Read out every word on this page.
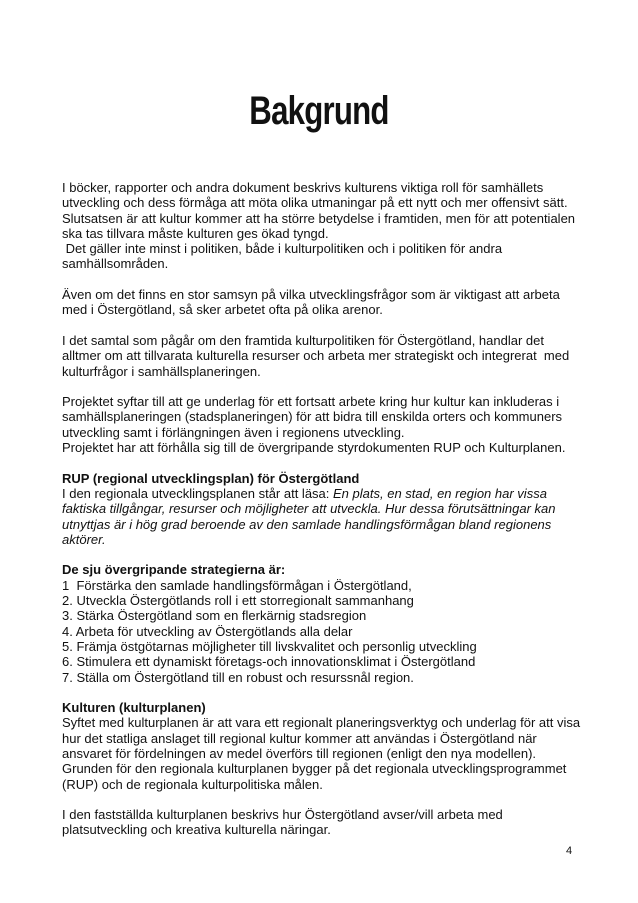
Bakgrund

I böcker, rapporter och andra dokument beskrivs kulturens viktiga roll för samhällets

utveckling och dess förmåga att möta olika utmaningar på ett nytt och mer offensivt sätt.

Slutsatsen är att kultur kommer att ha större betydelse i framtiden, men för att potentialen

ska tas tillvara måste kulturen ges ökad tyngd.

Det gäller inte minst i politiken, både i kulturpolitiken och i politiken för andra

samhällsområden.

Även om det finns en stor samsyn på vilka utvecklingsfrågor som är viktigast att arbeta

med i Östergötland, så sker arbetet ofta på olika arenor.

I det samtal som pågår om den framtida kulturpolitiken för Östergötland, handlar det

alltmer om att tillvarata kulturella resurser och arbeta mer strategiskt och integrerat  med

kulturfrågor i samhällsplaneringen.

Projektet syftar till att ge underlag för ett fortsatt arbete kring hur kultur kan inkluderas i

samhällsplaneringen (stadsplaneringen) för att bidra till enskilda orters och kommuners

utveckling samt i förlängningen även i regionens utveckling.

Projektet har att förhålla sig till de övergripande styrdokumenten RUP och Kulturplanen.

RUP (regional utvecklingsplan) för Östergötland

I den regionala utvecklingsplanen står att läsa: En plats, en stad, en region har vissa

faktiska tillgångar, resurser och möjligheter att utveckla. Hur dessa förutsättningar kan

utnyttjas är i hög grad beroende av den samlade handlingsförmågan bland regionens

aktörer.

De sju övergripande strategierna är:

1  Förstärka den samlade handlingsförmågan i Östergötland,

2. Utveckla Östergötlands roll i ett storregionalt sammanhang

3. Stärka Östergötland som en flerkärnig stadsregion

4. Arbeta för utveckling av Östergötlands alla delar

5. Främja östgötarnas möjligheter till livskvalitet och personlig utveckling

6. Stimulera ett dynamiskt företags-och innovationsklimat i Östergötland

7. Ställa om Östergötland till en robust och resurssnål region.

Kulturen (kulturplanen)

Syftet med kulturplanen är att vara ett regionalt planeringsverktyg och underlag för att visa

hur det statliga anslaget till regional kultur kommer att användas i Östergötland när

ansvaret för fördelningen av medel överförs till regionen (enligt den nya modellen).

Grunden för den regionala kulturplanen bygger på det regionala utvecklingsprogrammet

(RUP) och de regionala kulturpolitiska målen.

I den fastställda kulturplanen beskrivs hur Östergötland avser/vill arbeta med

platsutveckling och kreativa kulturella näringar.

4
